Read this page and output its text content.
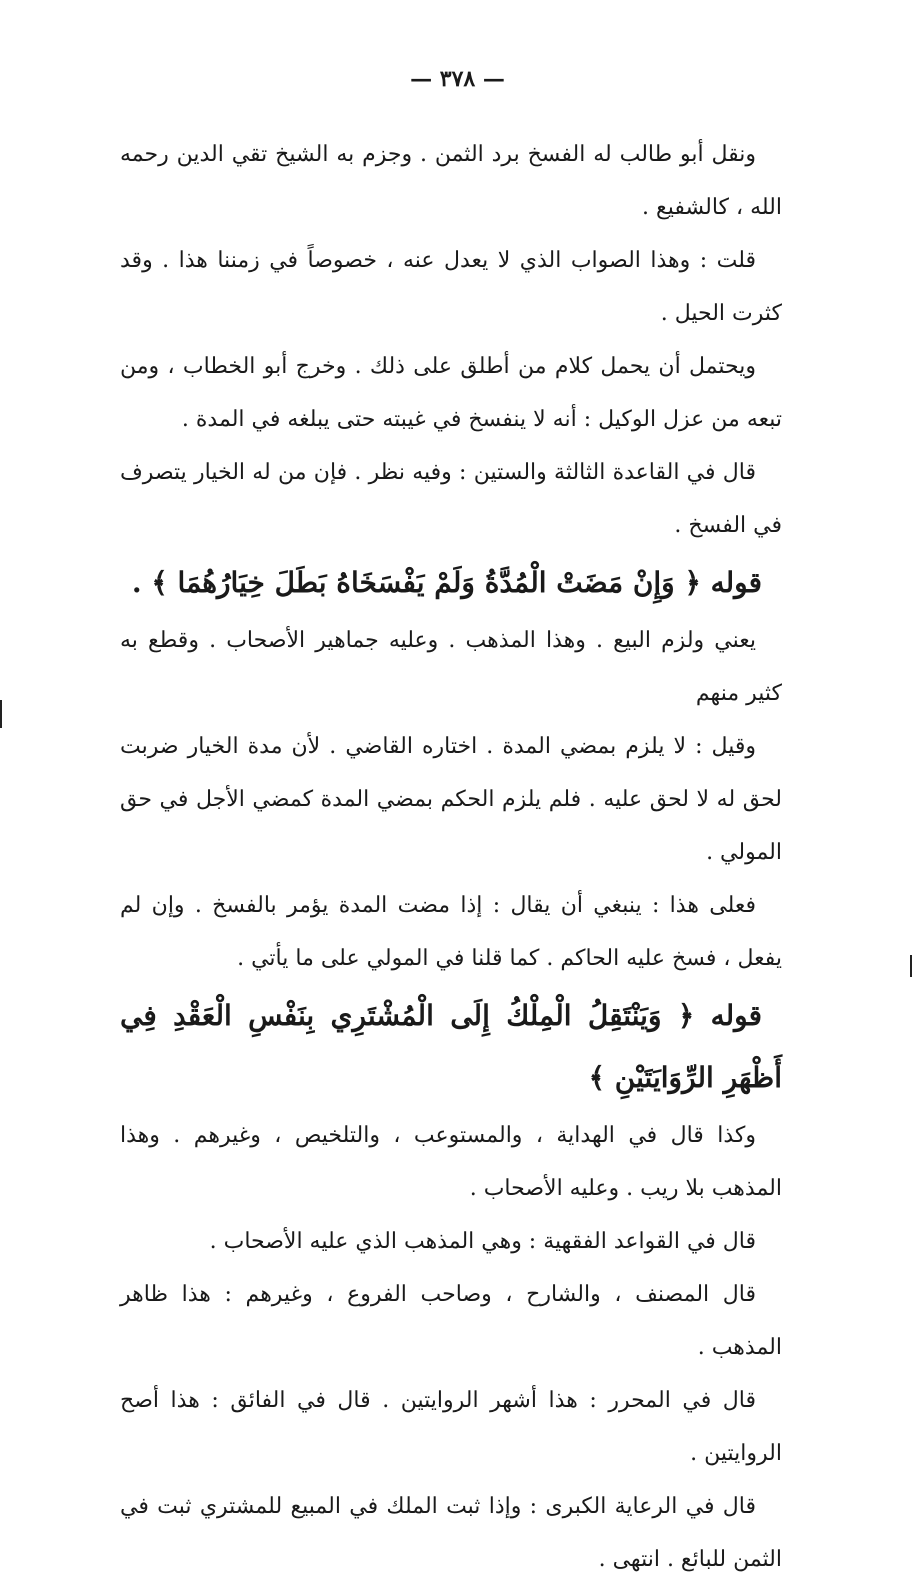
— ٣٧٨ —

ونقل أبو طالب له الفسخ برد الثمن . وجزم به الشيخ تقي الدين رحمه الله ، كالشفيع .

قلت : وهذا الصواب الذي لا يعدل عنه ، خصوصاً في زمننا هذا . وقد كثرت الحيل .

ويحتمل أن يحمل كلام من أطلق على ذلك . وخرج أبو الخطاب ، ومن تبعه من عزل الوكيل : أنه لا ينفسخ في غيبته حتى يبلغه في المدة .

قال في القاعدة الثالثة والستين : وفيه نظر . فإن من له الخيار يتصرف في الفسخ .

قوله ﴿ وَإِنْ مَضَتْ الْمُدَّةُ وَلَمْ يَفْسَخَاهُ بَطَلَ خِيَارُهُمَا ﴾ .

يعني ولزم البيع . وهذا المذهب . وعليه جماهير الأصحاب . وقطع به كثير منهم

وقيل : لا يلزم بمضي المدة . اختاره القاضي . لأن مدة الخيار ضربت لحق له لا لحق عليه . فلم يلزم الحكم بمضي المدة كمضي الأجل في حق المولي .

فعلى هذا : ينبغي أن يقال : إذا مضت المدة يؤمر بالفسخ . وإن لم يفعل ، فسخ عليه الحاكم . كما قلنا في المولي على ما يأتي .

قوله ﴿ وَيَنْتَقِلُ الْمِلْكُ إِلَى الْمُشْتَرِي بِنَفْسِ الْعَقْدِ فِي أَظْهَرِ الرِّوَايَتَيْنِ ﴾

وكذا قال في الهداية ، والمستوعب ، والتلخيص ، وغيرهم . وهذا المذهب بلا ريب . وعليه الأصحاب .

قال في القواعد الفقهية : وهي المذهب الذي عليه الأصحاب .

قال المصنف ، والشارح ، وصاحب الفروع ، وغيرهم : هذا ظاهر المذهب .

قال في المحرر : هذا أشهر الروايتين . قال في الفائق : هذا أصح الروايتين .

قال في الرعاية الكبرى : وإذا ثبت الملك في المبيع للمشتري ثبت في الثمن للبائع . انتهى .
